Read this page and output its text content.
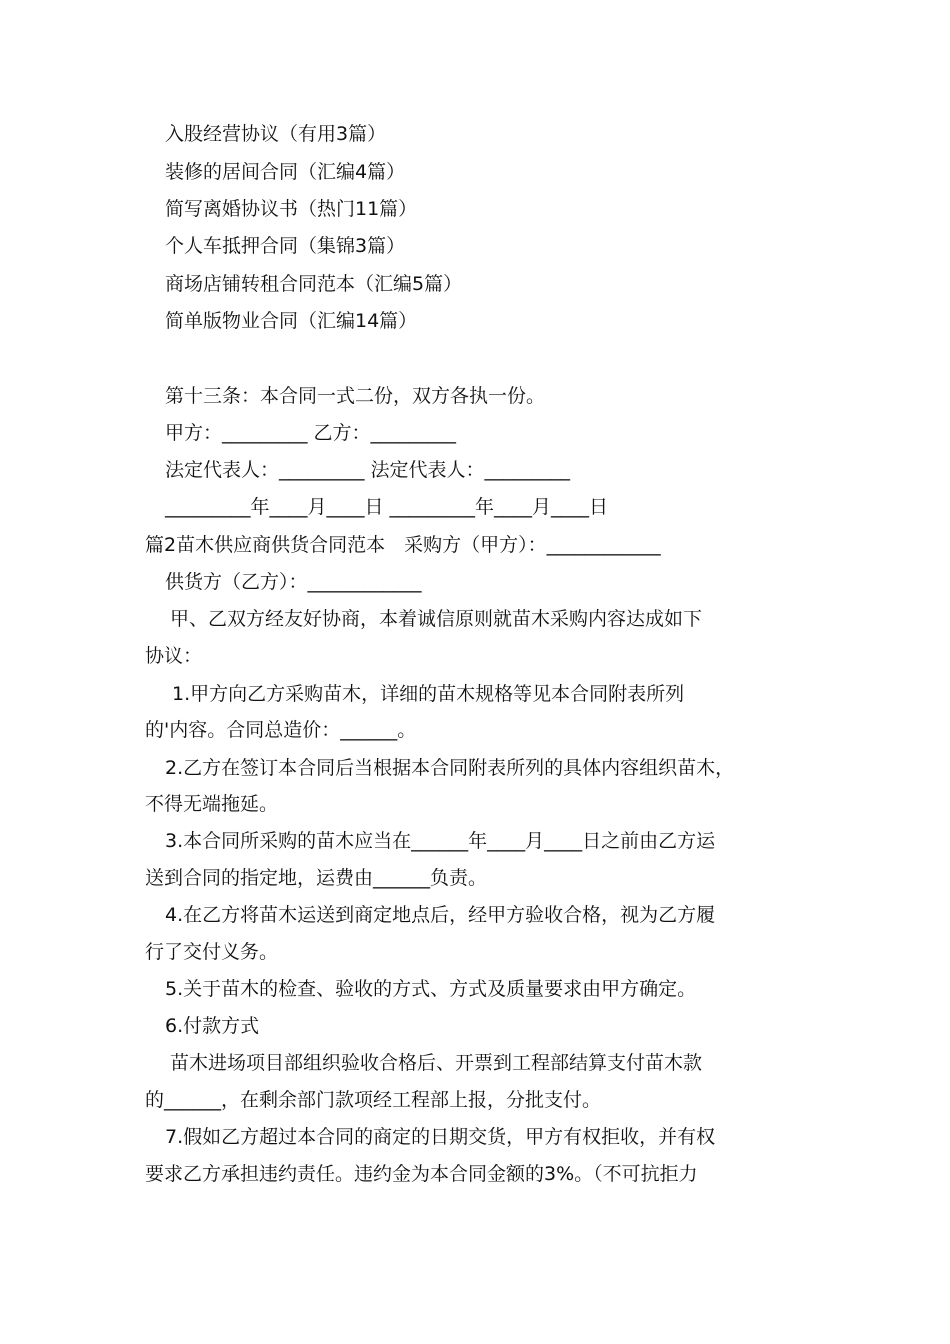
入股经营协议（有用3篇）
装修的居间合同（汇编4篇）
简写离婚协议书（热门11篇）
个人车抵押合同（集锦3篇）
商场店铺转租合同范本（汇编5篇）
简单版物业合同（汇编14篇）
第十三条：本合同一式二份，双方各执一份。
甲方：_________ 乙方：_________
法定代表人：_________ 法定代表人：_________
_________年____月____日 _________年____月____日
篇2苗木供应商供货合同范本　采购方（甲方）：____________
供货方（乙方）：____________
甲、乙双方经友好协商，本着诚信原则就苗木采购内容达成如下
协议：
1.甲方向乙方采购苗木，详细的苗木规格等见本合同附表所列
的'内容。合同总造价：______。
2.乙方在签订本合同后当根据本合同附表所列的具体内容组织苗木，
不得无端拖延。
3.本合同所采购的苗木应当在______年____月____日之前由乙方运
送到合同的指定地，运费由______负责。
4.在乙方将苗木运送到商定地点后，经甲方验收合格，视为乙方履
行了交付义务。
5.关于苗木的检查、验收的方式、方式及质量要求由甲方确定。
6.付款方式
苗木进场项目部组织验收合格后、开票到工程部结算支付苗木款
的______，在剩余部门款项经工程部上报，分批支付。
7.假如乙方超过本合同的商定的日期交货，甲方有权拒收，并有权
要求乙方承担违约责任。违约金为本合同金额的3%。（不可抗拒力
